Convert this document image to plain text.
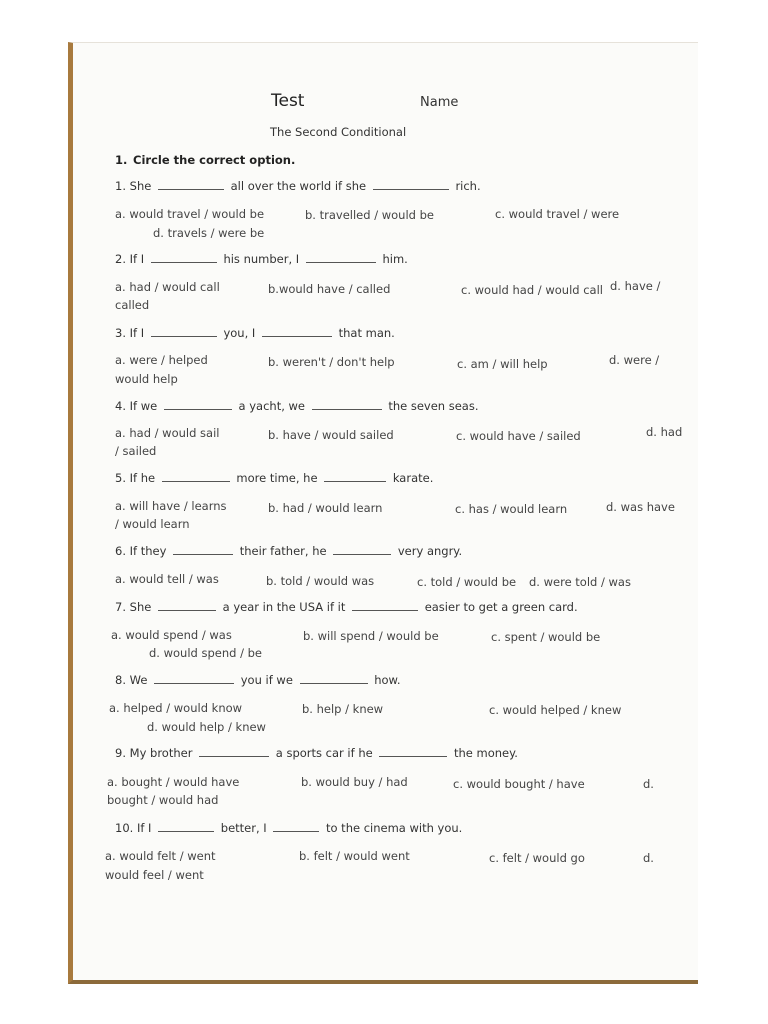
Test	Name
The Second Conditional
1. Circle the correct option.
1. She	all over the world if she	rich.
a. would travel / would be	b. travelled / would be	c. would travel / were
d. travels / were be
2. If I	his number, I	him.
a. had / would call	b.would have / called	c. would had / would call d. have /
called
3. If I	you, I	that man.
a. were / helped	b. weren't / don't help	c. am / will help	d. were /
would help
4. If we	a yacht, we	the seven seas.
a. had / would sail	b. have / would sailed	c. would have / sailed	d. had
/ sailed
5. If he	more time, he	karate.
a. will have / learns	b. had / would learn	c. has / would learn	d. was have
/ would learn
6. If they	their father, he	very angry.
a. would tell / was	b. told / would was	c. told / would be d. were told / was
7. She	a year in the USA if it	easier to get a green card.
a. would spend / was	b. will spend / would be	c. spent / would be
d. would spend / be
8. We	you if we	how.
a. helped / would know	b. help / knew	c. would helped / knew
d. would help / knew
9. My brother	a sports car if he	the money.
a. bought / would have	b. would buy / had	c. would bought / have	d.
bought / would had
10. If I	better, I	to the cinema with you.
a. would felt / went	b. felt / would went	c. felt / would go	d.
would feel / went
